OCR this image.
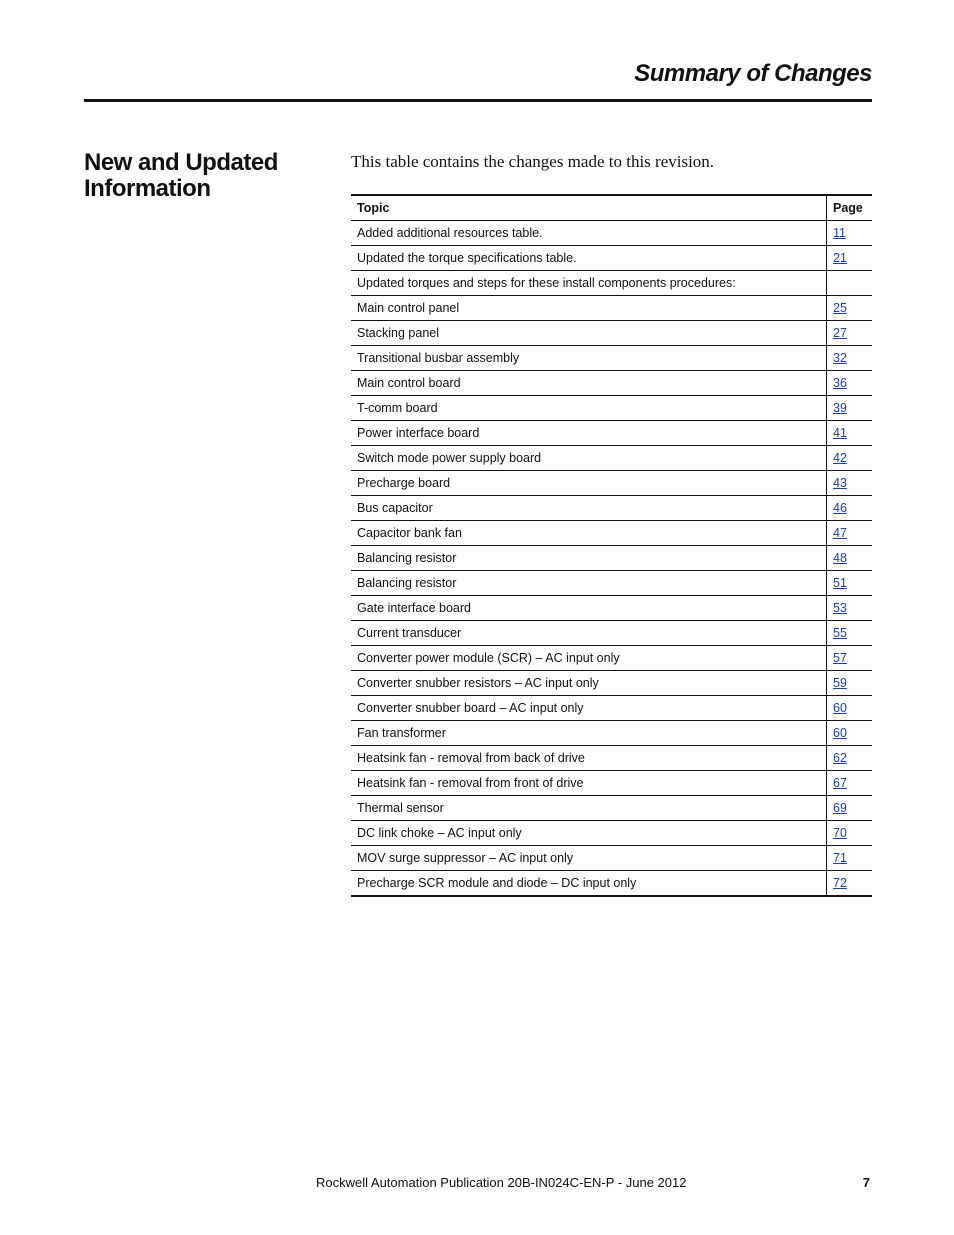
Summary of Changes
New and Updated Information

This table contains the changes made to this revision.

Topic	Page
Added additional resources table.	11
Updated the torque specifications table.	21
Updated torques and steps for these install components procedures:	
Main control panel	25
Stacking panel	27
Transitional busbar assembly	32
Main control board	36
T-comm board	39
Power interface board	41
Switch mode power supply board	42
Precharge board	43
Bus capacitor	46
Capacitor bank fan	47
Balancing resistor	48
Balancing resistor	51
Gate interface board	53
Current transducer	55
Converter power module (SCR) – AC input only	57
Converter snubber resistors – AC input only	59
Converter snubber board – AC input only	60
Fan transformer	60
Heatsink fan - removal from back of drive	62
Heatsink fan - removal from front of drive	67
Thermal sensor	69
DC link choke – AC input only	70
MOV surge suppressor – AC input only	71
Precharge SCR module and diode – DC input only	72

Rockwell Automation Publication 20B-IN024C-EN-P - June 2012	7
